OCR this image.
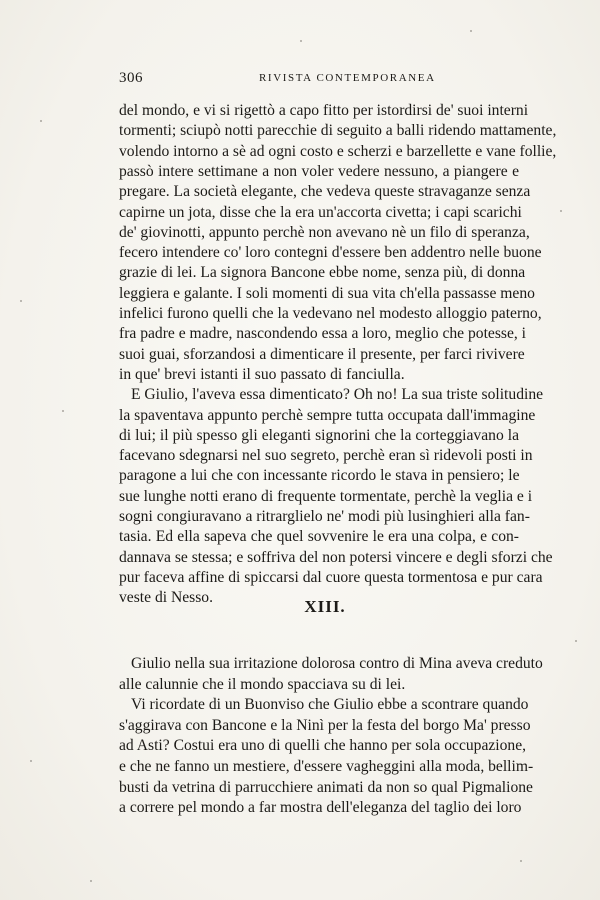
306	RIVISTA CONTEMPORANEA
del mondo, e vi si rigettò a capo fitto per istordirsi de' suoi interni
tormenti; sciupò notti parecchie di seguito a balli ridendo mattamente,
volendo intorno a sè ad ogni costo e scherzi e barzellette e vane follie,
passò intere settimane a non voler vedere nessuno, a piangere e
pregare. La società elegante, che vedeva queste stravaganze senza
capirne un jota, disse che la era un'accorta civetta; i capi scarichi
de' giovinotti, appunto perchè non avevano nè un filo di speranza,
fecero intendere co' loro contegni d'essere ben addentro nelle buone
grazie di lei. La signora Bancone ebbe nome, senza più, di donna
leggiera e galante. I soli momenti di sua vita ch'ella passasse meno
infelici furono quelli che la vedevano nel modesto alloggio paterno,
fra padre e madre, nascondendo essa a loro, meglio che potesse, i
suoi guai, sforzandosi a dimenticare il presente, per farci rivivere
in que' brevi istanti il suo passato di fanciulla.
E Giulio, l'aveva essa dimenticato? Oh no! La sua triste solitudine
la spaventava appunto perchè sempre tutta occupata dall'immagine
di lui; il più spesso gli eleganti signorini che la corteggiavano la
facevano sdegnarsi nel suo segreto, perchè eran sì ridevoli posti in
paragone a lui che con incessante ricordo le stava in pensiero; le
sue lunghe notti erano di frequente tormentate, perchè la veglia e i
sogni congiuravano a ritrarglielo ne' modi più lusinghieri alla fan-
tasia. Ed ella sapeva che quel sovvenire le era una colpa, e con-
dannava se stessa; e soffriva del non potersi vincere e degli sforzi che
pur faceva affine di spiccarsi dal cuore questa tormentosa e pur cara
veste di Nesso.	XIII.
Giulio nella sua irritazione dolorosa contro di Mina aveva creduto
alle calunnie che il mondo spacciava su di lei.
Vi ricordate di un Buonviso che Giulio ebbe a scontrare quando
s'aggirava con Bancone e la Ninì per la festa del borgo Ma' presso
ad Asti? Costui era uno di quelli che hanno per sola occupazione,
e che ne fanno un mestiere, d'essere vagheggini alla moda, bellim-
busti da vetrina di parrucchiere animati da non so qual Pigmalione
a correre pel mondo a far mostra dell'eleganza del taglio dei loro
